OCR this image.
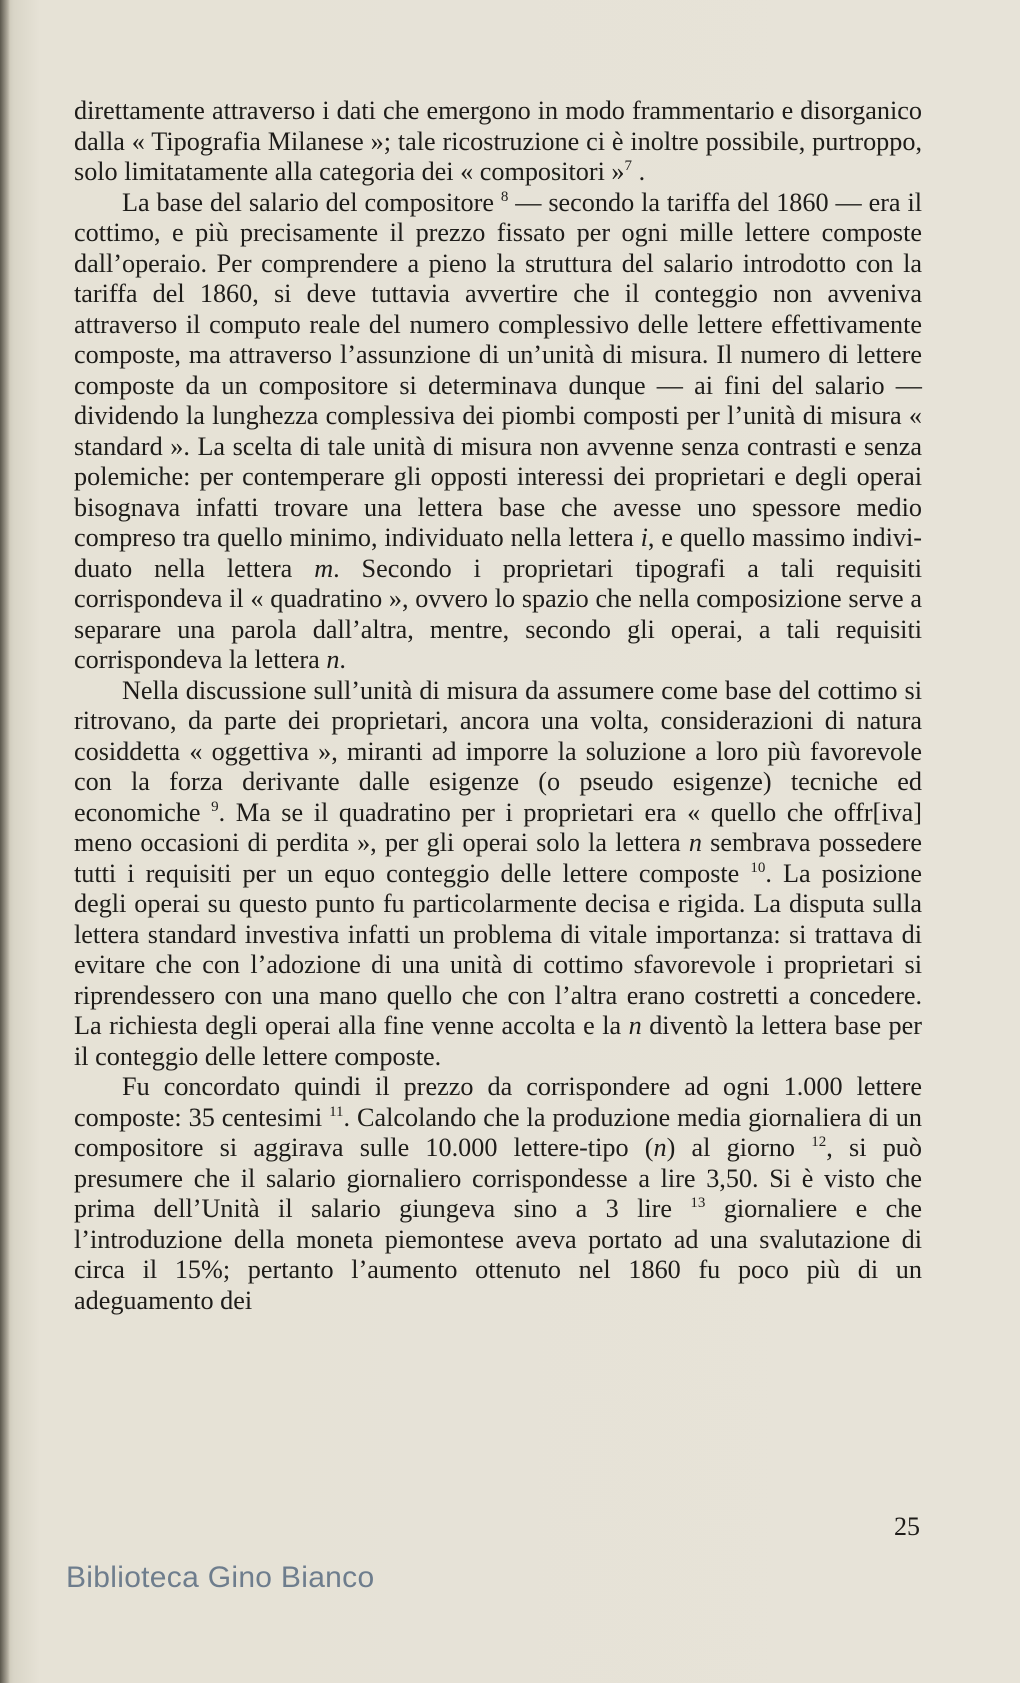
direttamente attraverso i dati che emergono in modo frammentario e disorganico dalla « Tipografia Milanese »; tale ricostruzione ci è inoltre possibile, purtroppo, solo limitatamente alla categoria dei « compositori »$^7$ .

La base del salario del compositore $^8$ — secondo la tariffa del 1860 — era il cottimo, e più precisamente il prezzo fissato per ogni mille lettere composte dall’operaio. Per comprendere a pieno la struttura del salario introdotto con la tariffa del 1860, si deve tuttavia avvertire che il conteggio non avveniva attraverso il computo reale del numero complessivo delle lettere effettivamente composte, ma attraverso l’assunzione di un’unità di misura. Il numero di lettere composte da un compositore si determinava dunque — ai fini del salario — dividendo la lunghezza complessiva dei piombi composti per l’unità di misura « standard ». La scelta di tale unità di misura non avvenne senza contrasti e senza polemiche: per contemperare gli opposti interessi dei proprietari e degli operai bisognava infatti trovare una lettera base che avesse uno spessore medio compreso tra quello minimo, individuato nella lettera i, e quello massimo individuato nella lettera m. Secondo i proprietari tipografi a tali requisiti corrispondeva il « quadratino », ovvero lo spazio che nella composizione serve a separare una parola dall’altra, mentre, secondo gli operai, a tali requisiti corrispondeva la lettera n.

Nella discussione sull’unità di misura da assumere come base del cottimo si ritrovano, da parte dei proprietari, ancora una volta, considerazioni di natura cosiddetta « oggettiva », miranti ad imporre la soluzione a loro più favorevole con la forza derivante dalle esigenze (o pseudo esigenze) tecniche ed economiche $^9$. Ma se il quadratino per i proprietari era « quello che offr[iva] meno occasioni di perdita », per gli operai solo la lettera n sembrava possedere tutti i requisiti per un equo conteggio delle lettere composte $^{10}$. La posizione degli operai su questo punto fu particolarmente decisa e rigida. La disputa sulla lettera standard investiva infatti un problema di vitale importanza: si trattava di evitare che con l’adozione di una unità di cottimo sfavorevole i proprietari si riprendessero con una mano quello che con l’altra erano costretti a concedere. La richiesta degli operai alla fine venne accolta e la n diventò la lettera base per il conteggio delle lettere composte.

Fu concordato quindi il prezzo da corrispondere ad ogni 1.000 lettere composte: 35 centesimi $^{11}$. Calcolando che la produzione media giornaliera di un compositore si aggirava sulle 10.000 lettere-tipo (n) al giorno $^{12}$, si può presumere che il salario giornaliero corrispondesse a lire 3,50. Si è visto che prima dell’Unità il salario giungeva sino a 3 lire $^{13}$ giornaliere e che l’introduzione della moneta piemontese aveva portato ad una svalutazione di circa il 15%; pertanto l’aumento ottenuto nel 1860 fu poco più di un adeguamento dei

25
Biblioteca Gino Bianco
